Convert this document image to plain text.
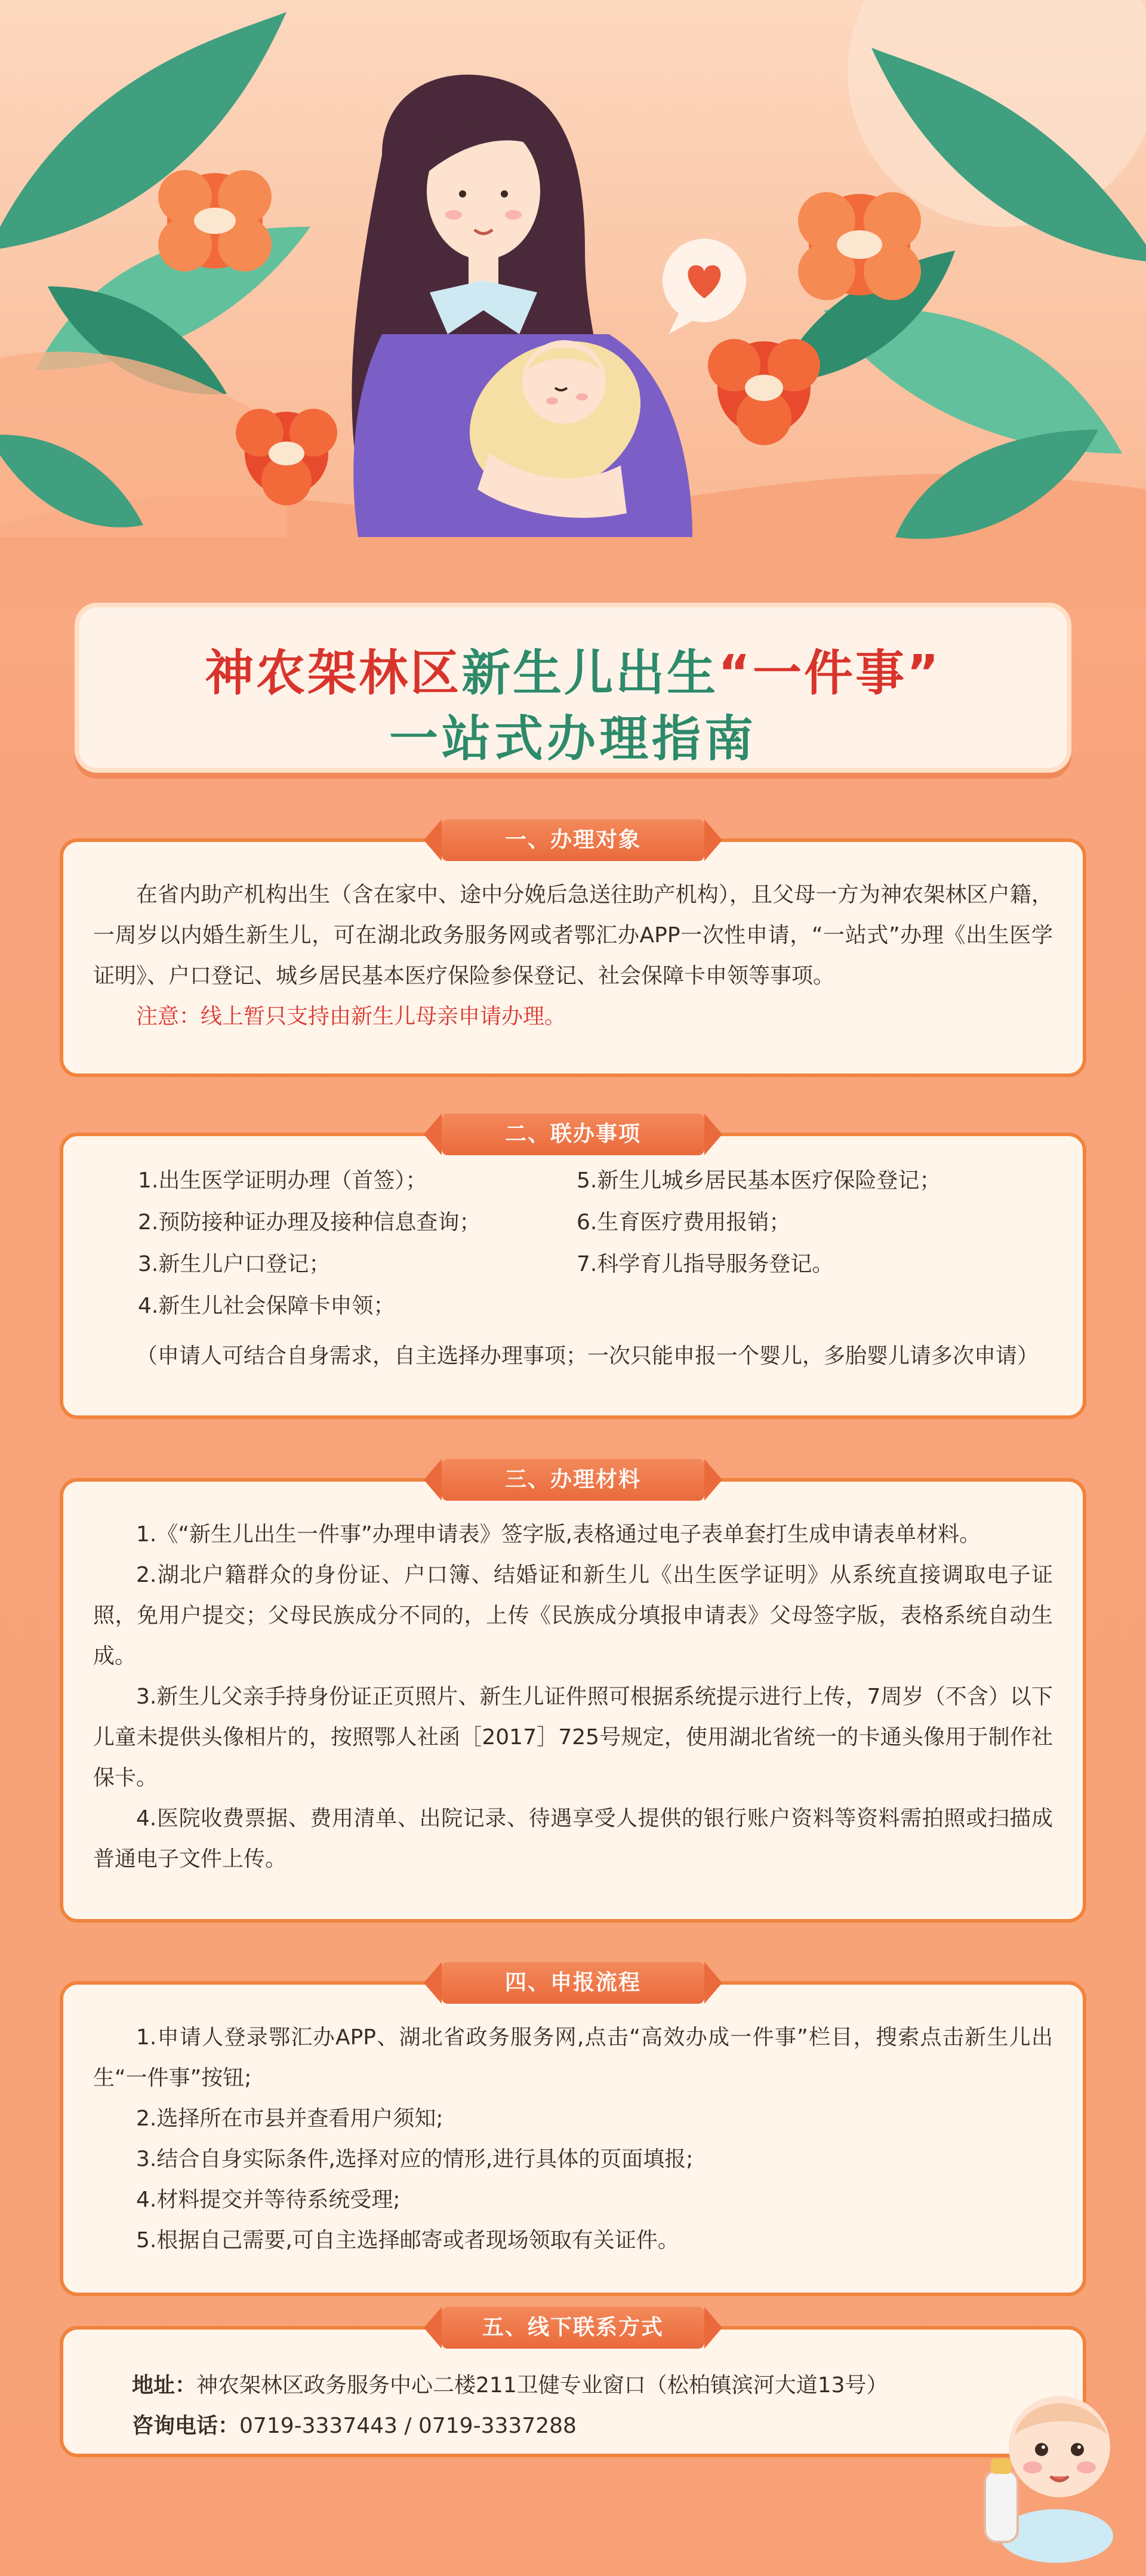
神农架林区新生儿出生“一件事”
一站式办理指南
一、办理对象

在省内助产机构出生（含在家中、途中分娩后急送往助产机构），且父母一方为神农架林区户籍，一周岁以内婚生新生儿，可在湖北政务服务网或者鄂汇办APP一次性申请，“一站式”办理《出生医学证明》、户口登记、城乡居民基本医疗保险参保登记、社会保障卡申领等事项。

注意：线上暂只支持由新生儿母亲申请办理。

二、联办事项

1.出生医学证明办理（首签）；

2.预防接种证办理及接种信息查询；

3.新生儿户口登记；

4.新生儿社会保障卡申领；

5.新生儿城乡居民基本医疗保险登记；

6.生育医疗费用报销；

7.科学育儿指导服务登记。

（申请人可结合自身需求，自主选择办理事项；一次只能申报一个婴儿，多胎婴儿请多次申请）

三、办理材料

1.《“新生儿出生一件事”办理申请表》签字版,表格通过电子表单套打生成申请表单材料。

2.湖北户籍群众的身份证、户口簿、结婚证和新生儿《出生医学证明》从系统直接调取电子证照，免用户提交；父母民族成分不同的，上传《民族成分填报申请表》父母签字版，表格系统自动生成。

3.新生儿父亲手持身份证正页照片、新生儿证件照可根据系统提示进行上传，7周岁（不含）以下儿童未提供头像相片的，按照鄂人社函［2017］725号规定，使用湖北省统一的卡通头像用于制作社保卡。

4.医院收费票据、费用清单、出院记录、待遇享受人提供的银行账户资料等资料需拍照或扫描成普通电子文件上传。

四、申报流程

1.申请人登录鄂汇办APP、湖北省政务服务网,点击“高效办成一件事”栏目，搜索点击新生儿出生“一件事”按钮;

2.选择所在市县并查看用户须知;

3.结合自身实际条件,选择对应的情形,进行具体的页面填报;

4.材料提交并等待系统受理;

5.根据自己需要,可自主选择邮寄或者现场领取有关证件。

五、线下联系方式
地址：神农架林区政务服务中心二楼211卫健专业窗口（松柏镇滨河大道13号）
咨询电话：0719-3337443 / 0719-3337288
